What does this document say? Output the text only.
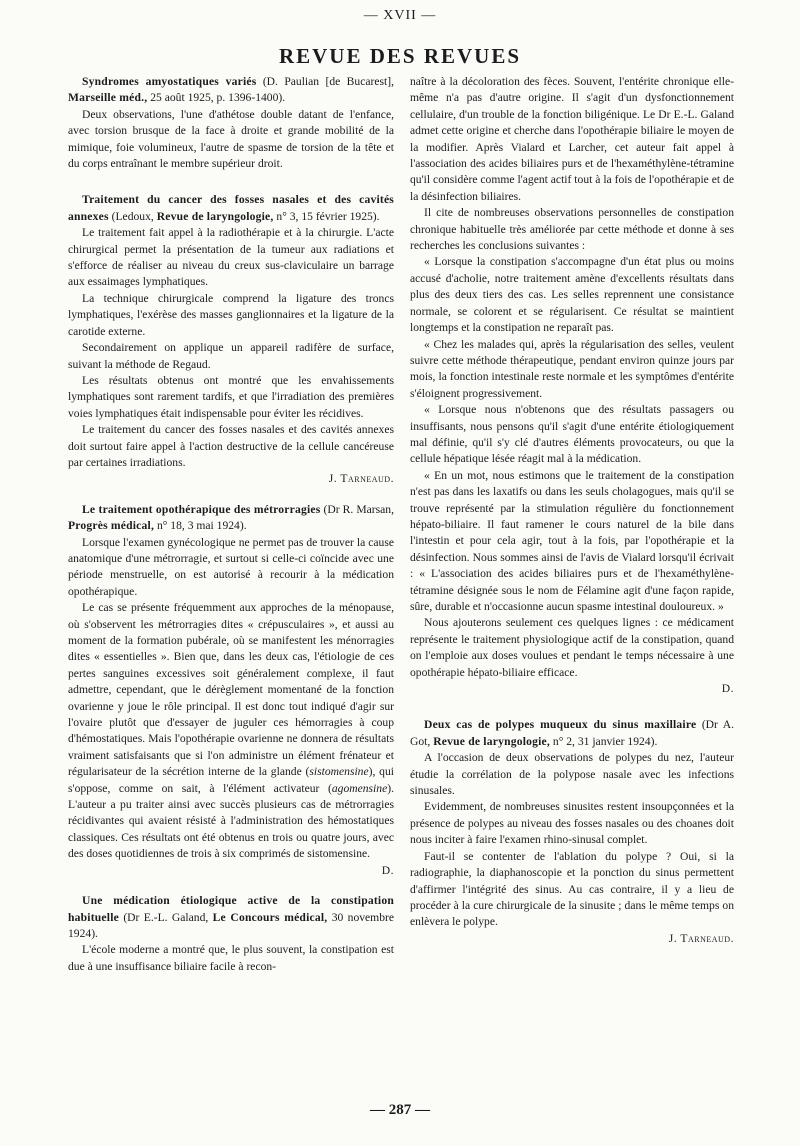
— XVII —
REVUE DES REVUES

Syndromes amyostatiques variés (D. Paulian [de Bucarest], Marseille méd., 25 août 1925, p. 1396-1400).

Deux observations, l'une d'athétose double datant de l'enfance, avec torsion brusque de la face à droite et grande mobilité de la mimique, foie volumineux, l'autre de spasme de torsion de la tête et du corps entraînant le membre supérieur droit.

Traitement du cancer des fosses nasales et des cavités annexes (Ledoux, Revue de laryngologie, n° 3, 15 février 1925).

Le traitement fait appel à la radiothérapie et à la chirurgie. L'acte chirurgical permet la présentation de la tumeur aux radiations et s'efforce de réaliser au niveau du creux sus-claviculaire un barrage aux essaimages lymphatiques.

La technique chirurgicale comprend la ligature des troncs lymphatiques, l'exérèse des masses ganglionnaires et la ligature de la carotide externe.

Secondairement on applique un appareil radifère de surface, suivant la méthode de Regaud.

Les résultats obtenus ont montré que les envahissements lymphatiques sont rarement tardifs, et que l'irradiation des premières voies lymphatiques était indispensable pour éviter les récidives.

Le traitement du cancer des fosses nasales et des cavités annexes doit surtout faire appel à l'action destructive de la cellule cancéreuse par certaines irradiations.

J. Tarneaud.

Le traitement opothérapique des métrorragies (Dr R. Marsan, Progrès médical, n° 18, 3 mai 1924).

Lorsque l'examen gynécologique ne permet pas de trouver la cause anatomique d'une métrorragie, et surtout si celle-ci coïncide avec une période menstruelle, on est autorisé à recourir à la médication opothérapique.

Le cas se présente fréquemment aux approches de la ménopause, où s'observent les métrorragies dites « crépusculaires », et aussi au moment de la formation pubérale, où se manifestent les ménorragies dites « essentielles ». Bien que, dans les deux cas, l'étiologie de ces pertes sanguines excessives soit généralement complexe, il faut admettre, cependant, que le dérèglement momentané de la fonction ovarienne y joue le rôle principal. Il est donc tout indiqué d'agir sur l'ovaire plutôt que d'essayer de juguler ces hémorragies à coup d'hémostatiques. Mais l'opothérapie ovarienne ne donnera de résultats vraiment satisfaisants que si l'on administre un élément frénateur et régularisateur de la sécrétion interne de la glande (sistomensine), qui s'oppose, comme on sait, à l'élément activateur (agomensine). L'auteur a pu traiter ainsi avec succès plusieurs cas de métrorragies récidivantes qui avaient résisté à l'administration des hémostatiques classiques. Ces résultats ont été obtenus en trois ou quatre jours, avec des doses quotidiennes de trois à six comprimés de sistomensine.

D.

Une médication étiologique active de la constipation habituelle (Dr E.-L. Galand, Le Concours médical, 30 novembre 1924).

L'école moderne a montré que, le plus souvent, la constipation est due à une insuffisance biliaire facile à recon-

naître à la décoloration des fèces. Souvent, l'entérite chronique elle-même n'a pas d'autre origine. Il s'agit d'un dysfonctionnement cellulaire, d'un trouble de la fonction biligénique. Le Dr E.-L. Galand admet cette origine et cherche dans l'opothérapie biliaire le moyen de la modifier. Après Vialard et Larcher, cet auteur fait appel à l'association des acides biliaires purs et de l'hexaméthylène-tétramine qu'il considère comme l'agent actif tout à la fois de l'opothérapie et de la désinfection biliaires.

Il cite de nombreuses observations personnelles de constipation chronique habituelle très améliorée par cette méthode et donne à ses recherches les conclusions suivantes :

« Lorsque la constipation s'accompagne d'un état plus ou moins accusé d'acholie, notre traitement amène d'excellents résultats dans plus des deux tiers des cas. Les selles reprennent une consistance normale, se colorent et se régularisent. Ce résultat se maintient longtemps et la constipation ne reparaît pas.

« Chez les malades qui, après la régularisation des selles, veulent suivre cette méthode thérapeutique, pendant environ quinze jours par mois, la fonction intestinale reste normale et les symptômes d'entérite s'éloignent progressivement.

« Lorsque nous n'obtenons que des résultats passagers ou insuffisants, nous pensons qu'il s'agit d'une entérite étiologiquement mal définie, qu'il s'y clé d'autres éléments provocateurs, ou que la cellule hépatique lésée réagit mal à la médication.

« En un mot, nous estimons que le traitement de la constipation n'est pas dans les laxatifs ou dans les seuls cholagogues, mais qu'il se trouve représenté par la stimulation régulière du fonctionnement hépato-biliaire. Il faut ramener le cours naturel de la bile dans l'intestin et pour cela agir, tout à la fois, par l'opothérapie et la désinfection. Nous sommes ainsi de l'avis de Vialard lorsqu'il écrivait : « L'association des acides biliaires purs et de l'hexaméthylène-tétramine désignée sous le nom de Félamine agit d'une façon rapide, sûre, durable et n'occasionne aucun spasme intestinal douloureux. »

Nous ajouterons seulement ces quelques lignes : ce médicament représente le traitement physiologique actif de la constipation, quand on l'emploie aux doses voulues et pendant le temps nécessaire à une opothérapie hépato-biliaire efficace.

D.

Deux cas de polypes muqueux du sinus maxillaire (Dr A. Got, Revue de laryngologie, n° 2, 31 janvier 1924).

A l'occasion de deux observations de polypes du nez, l'auteur étudie la corrélation de la polypose nasale avec les infections sinusales.

Evidemment, de nombreuses sinusites restent insoupçonnées et la présence de polypes au niveau des fosses nasales ou des choanes doit nous inciter à faire l'examen rhino-sinusal complet.

Faut-il se contenter de l'ablation du polype ? Oui, si la radiographie, la diaphanoscopie et la ponction du sinus permettent d'affirmer l'intégrité des sinus. Au cas contraire, il y a lieu de procéder à la cure chirurgicale de la sinusite ; dans le même temps on enlèvera le polype.

J. Tarneaud.

— 287 —
